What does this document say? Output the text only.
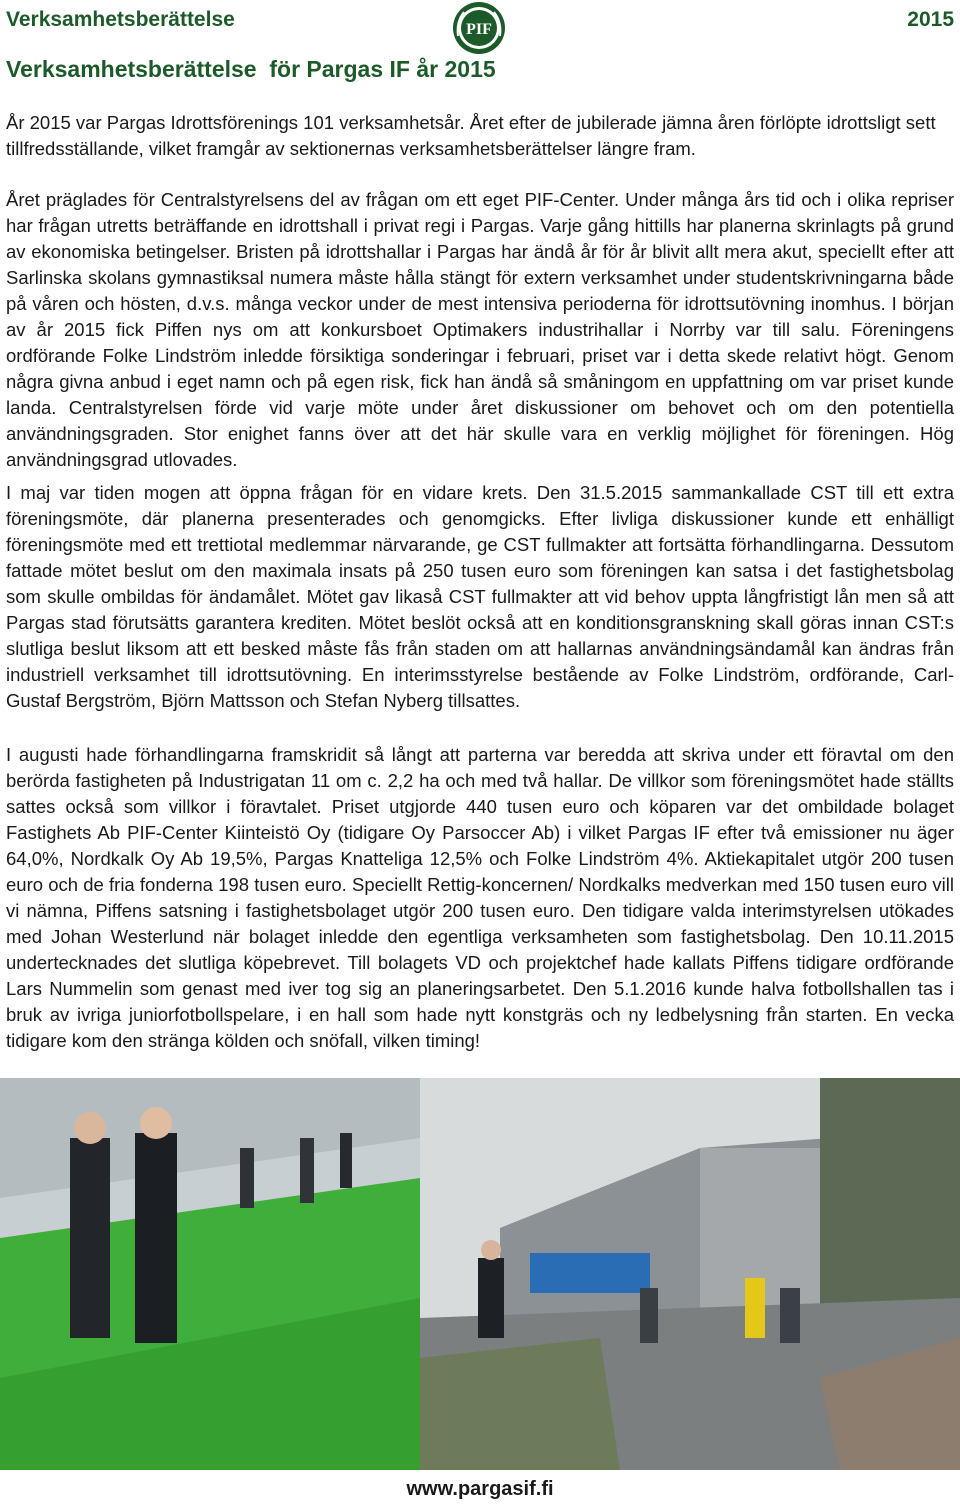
Verksamhetsberättelse	PIF	2015
Verksamhetsberättelse  för Pargas IF år 2015

År 2015 var Pargas Idrottsförenings 101 verksamhetsår. Året efter de jubilerade jämna åren förlöpte idrottsligt sett tillfredsställande, vilket framgår av sektionernas verksamhetsberättelser längre fram.

Året präglades för Centralstyrelsens del av frågan om ett eget PIF-Center. Under många års tid och i olika repriser har frågan utretts beträffande en idrottshall i privat regi i Pargas. Varje gång hittills har planerna skrinlagts på grund av ekonomiska betingelser. Bristen på idrottshallar i Pargas har ändå år för år blivit allt mera akut, speciellt efter att Sarlinska skolans gymnastiksal numera måste hålla stängt för extern verksamhet under studentskrivningarna både på våren och hösten, d.v.s. många veckor under de mest intensiva perioderna för idrottsutövning inomhus. I början av år 2015 fick Piffen nys om att konkursboet Optimakers industrihallar i Norrby var till salu. Föreningens ordförande Folke Lindström inledde försiktiga sonderingar i februari, priset var i detta skede relativt högt. Genom några givna anbud i eget namn och på egen risk, fick han ändå så småningom en uppfattning om var priset kunde landa. Centralstyrelsen förde vid varje möte under året diskussioner om behovet och om den potentiella användningsgraden. Stor enighet fanns över att det här skulle vara en verklig möjlighet för föreningen. Hög användningsgrad utlovades.

I maj var tiden mogen att öppna frågan för en vidare krets. Den 31.5.2015 sammankallade CST till ett extra föreningsmöte, där planerna presenterades och genomgicks. Efter livliga diskussioner kunde ett enhälligt föreningsmöte med ett trettiotal medlemmar närvarande, ge CST fullmakter att fortsätta förhandlingarna. Dessutom fattade mötet beslut om den maximala insats på 250 tusen euro som föreningen kan satsa i det fastighetsbolag som skulle ombildas för ändamålet. Mötet gav likaså CST fullmakter att vid behov uppta långfristigt lån men så att Pargas stad förutsätts garantera krediten. Mötet beslöt också att en konditionsgranskning skall göras innan CST:s slutliga beslut liksom att ett besked måste fås från staden om att hallarnas användningsändamål kan ändras från industriell verksamhet till idrottsutövning. En interimsstyrelse bestående av Folke Lindström, ordförande, Carl-Gustaf Bergström, Björn Mattsson och Stefan Nyberg tillsattes.

I augusti hade förhandlingarna framskridit så långt att parterna var beredda att skriva under ett föravtal om den berörda fastigheten på Industrigatan 11 om c. 2,2 ha och med två hallar. De villkor som föreningsmötet hade ställts sattes också som villkor i föravtalet. Priset utgjorde 440 tusen euro och köparen var det ombildade bolaget Fastighets Ab PIF-Center Kiinteistö Oy (tidigare Oy Parsoccer Ab) i vilket Pargas IF efter två emissioner nu äger 64,0%, Nordkalk Oy Ab 19,5%, Pargas Knatteliga 12,5% och Folke Lindström 4%. Aktiekapitalet utgör 200 tusen euro och de fria fonderna 198 tusen euro. Speciellt Rettig-koncernen/ Nordkalks medverkan med 150 tusen euro vill vi nämna, Piffens satsning i fastighetsbolaget utgör 200 tusen euro. Den tidigare valda interimstyrelsen utökades med Johan Westerlund när bolaget inledde den egentliga verksamheten som fastighetsbolag. Den 10.11.2015 undertecknades det slutliga köpebrevet. Till bolagets VD och projektchef hade kallats Piffens tidigare ordförande Lars Nummelin som genast med iver tog sig an planeringsarbetet. Den 5.1.2016 kunde halva fotbollshallen tas i bruk av ivriga juniorfotbollspelare, i en hall som hade nytt konstgräs och ny ledbelysning från starten. En vecka tidigare kom den stränga kölden och snöfall, vilken timing!

www.pargasif.fi
